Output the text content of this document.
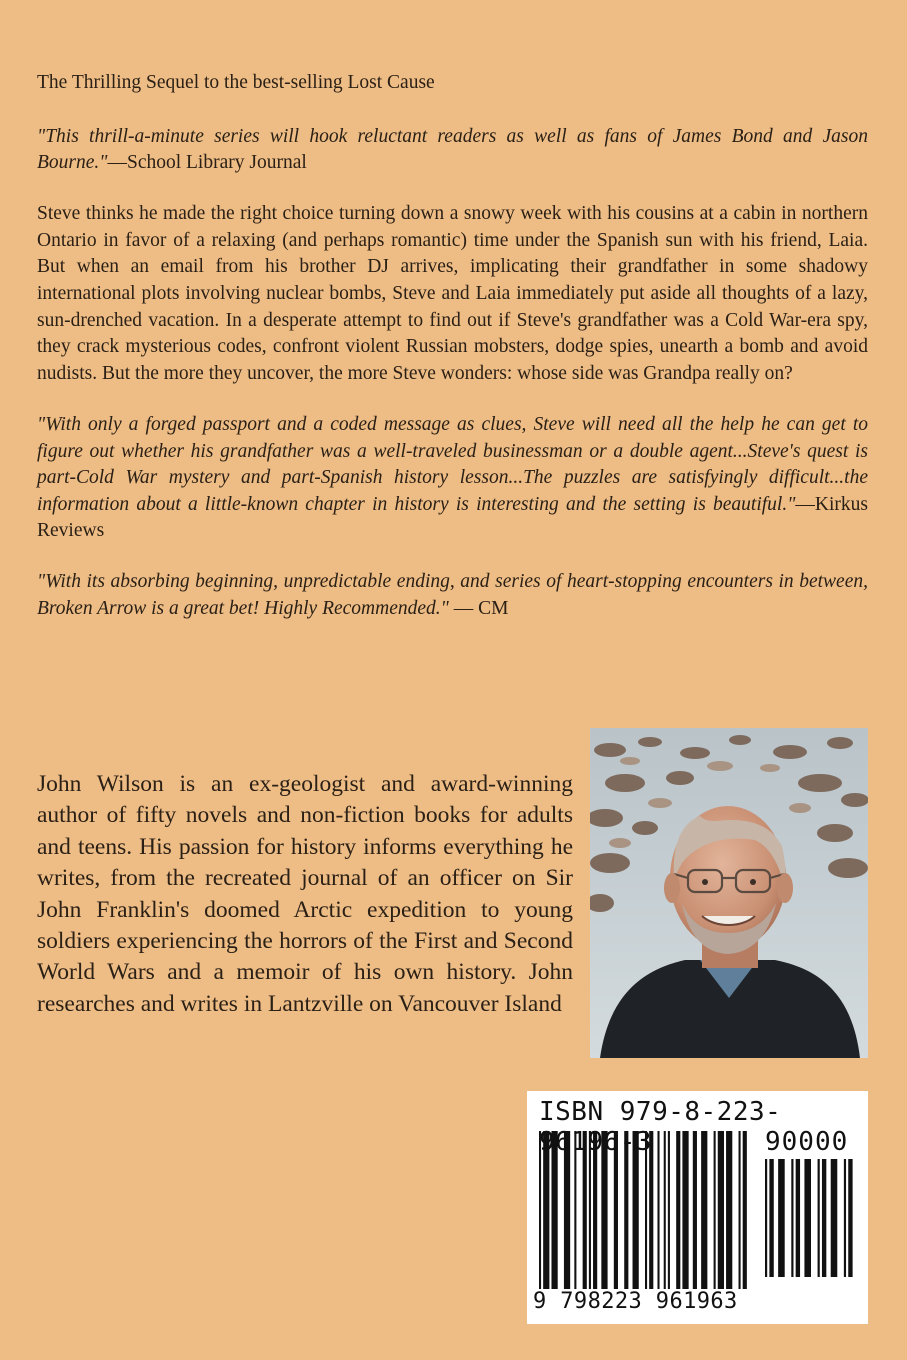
The Thrilling Sequel to the best-selling Lost Cause

"This thrill-a-minute series will hook reluctant readers as well as fans of James Bond and Jason Bourne."—School Library Journal

Steve thinks he made the right choice turning down a snowy week with his cousins at a cabin in northern Ontario in favor of a relaxing (and perhaps romantic) time under the Spanish sun with his friend, Laia. But when an email from his brother DJ arrives, implicating their grandfather in some shadowy international plots involving nuclear bombs, Steve and Laia immediately put aside all thoughts of a lazy, sun-drenched vacation. In a desperate attempt to find out if Steve's grandfather was a Cold War-era spy, they crack mysterious codes, confront violent Russian mobsters, dodge spies, unearth a bomb and avoid nudists. But the more they uncover, the more Steve wonders: whose side was Grandpa really on?

"With only a forged passport and a coded message as clues, Steve will need all the help he can get to figure out whether his grandfather was a well-traveled businessman or a double agent...Steve's quest is part-Cold War mystery and part-Spanish history lesson...The puzzles are satisfyingly difficult...the information about a little-known chapter in history is interesting and the setting is beautiful."—Kirkus Reviews

"With its absorbing beginning, unpredictable ending, and series of heart-stopping encounters in between, Broken Arrow is a great bet! Highly Recommended." — CM

John Wilson is an ex-geologist and award-winning author of fifty novels and non-fiction books for adults and teens. His passion for history informs everything he writes, from the recreated journal of an officer on Sir John Franklin's doomed Arctic expedition to young soldiers experiencing the horrors of the First and Second World Wars and a memoir of his own history. John researches and writes in Lantzville on Vancouver Island
ISBN 979-8-223- 6196-3	90000
9 798223 961963
